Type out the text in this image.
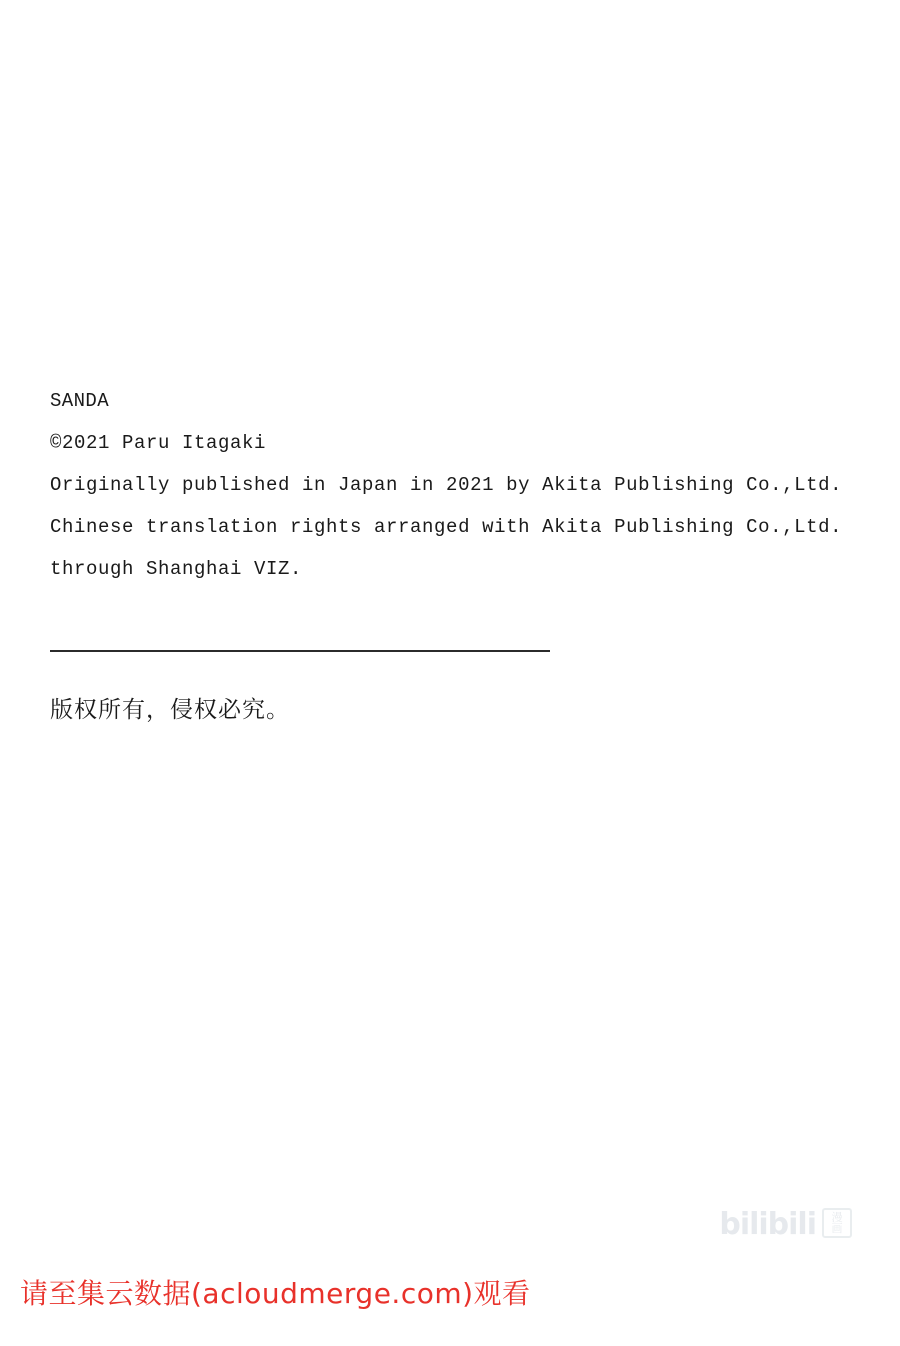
SANDA
©2021 Paru Itagaki
Originally published in Japan in 2021 by Akita Publishing Co.,Ltd.
Chinese translation rights arranged with Akita Publishing Co.,Ltd.
through Shanghai VIZ.
版权所有，侵权必究。
bilibili 漫
画
请至集云数据(acloudmerge.com)观看
